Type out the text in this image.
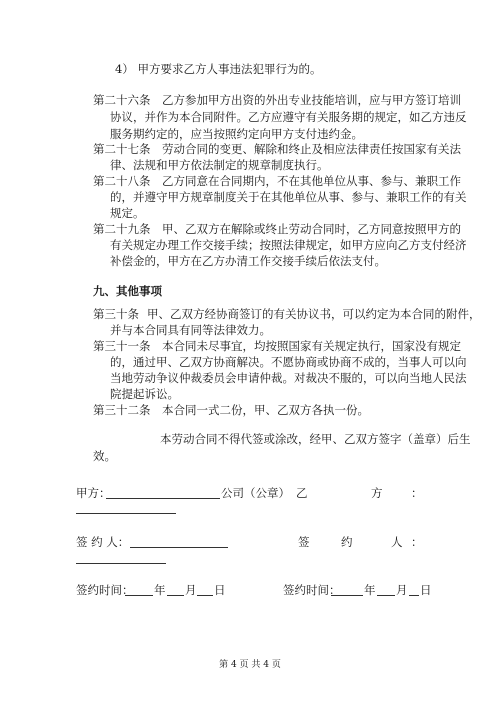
4） 甲方要求乙方人事违法犯罪行为的。
第二十六条 乙方参加甲方出资的外出专业技能培训，应与甲方签订培训
协议，并作为本合同附件。乙方应遵守有关服务期的规定，如乙方违反
服务期约定的，应当按照约定向甲方支付违约金。
第二十七条 劳动合同的变更、解除和终止及相应法律责任按国家有关法
律、法规和甲方依法制定的规章制度执行。
第二十八条 乙方同意在合同期内，不在其他单位从事、参与、兼职工作
的，并遵守甲方规章制度关于在其他单位从事、参与、兼职工作的有关
规定。
第二十九条 甲、乙双方在解除或终止劳动合同时，乙方同意按照甲方的
有关规定办理工作交接手续；按照法律规定，如甲方应向乙方支付经济
补偿金的，甲方在乙方办清工作交接手续后依法支付。
九、其他事项
第三十条 甲、乙双方经协商签订的有关协议书，可以约定为本合同的附件，
并与本合同具有同等法律效力。
第三十一条 本合同未尽事宜，均按照国家有关规定执行，国家没有规定
的，通过甲、乙双方协商解决。不愿协商或协商不成的，当事人可以向
当地劳动争议仲裁委员会申请仲裁。对裁决不服的，可以向当地人民法
院提起诉讼。
第三十二条 本合同一式二份，甲、乙双方各执一份。
本劳动合同不得代签或涂改，经甲、乙双方签字（盖章）后生
效。
甲方：	公司（公章） 乙	方 ：
签 约 人：	签	约	人 ：
签约时间： 年 月 日	签约时间： 年 月 日
第 4 页 共 4 页
